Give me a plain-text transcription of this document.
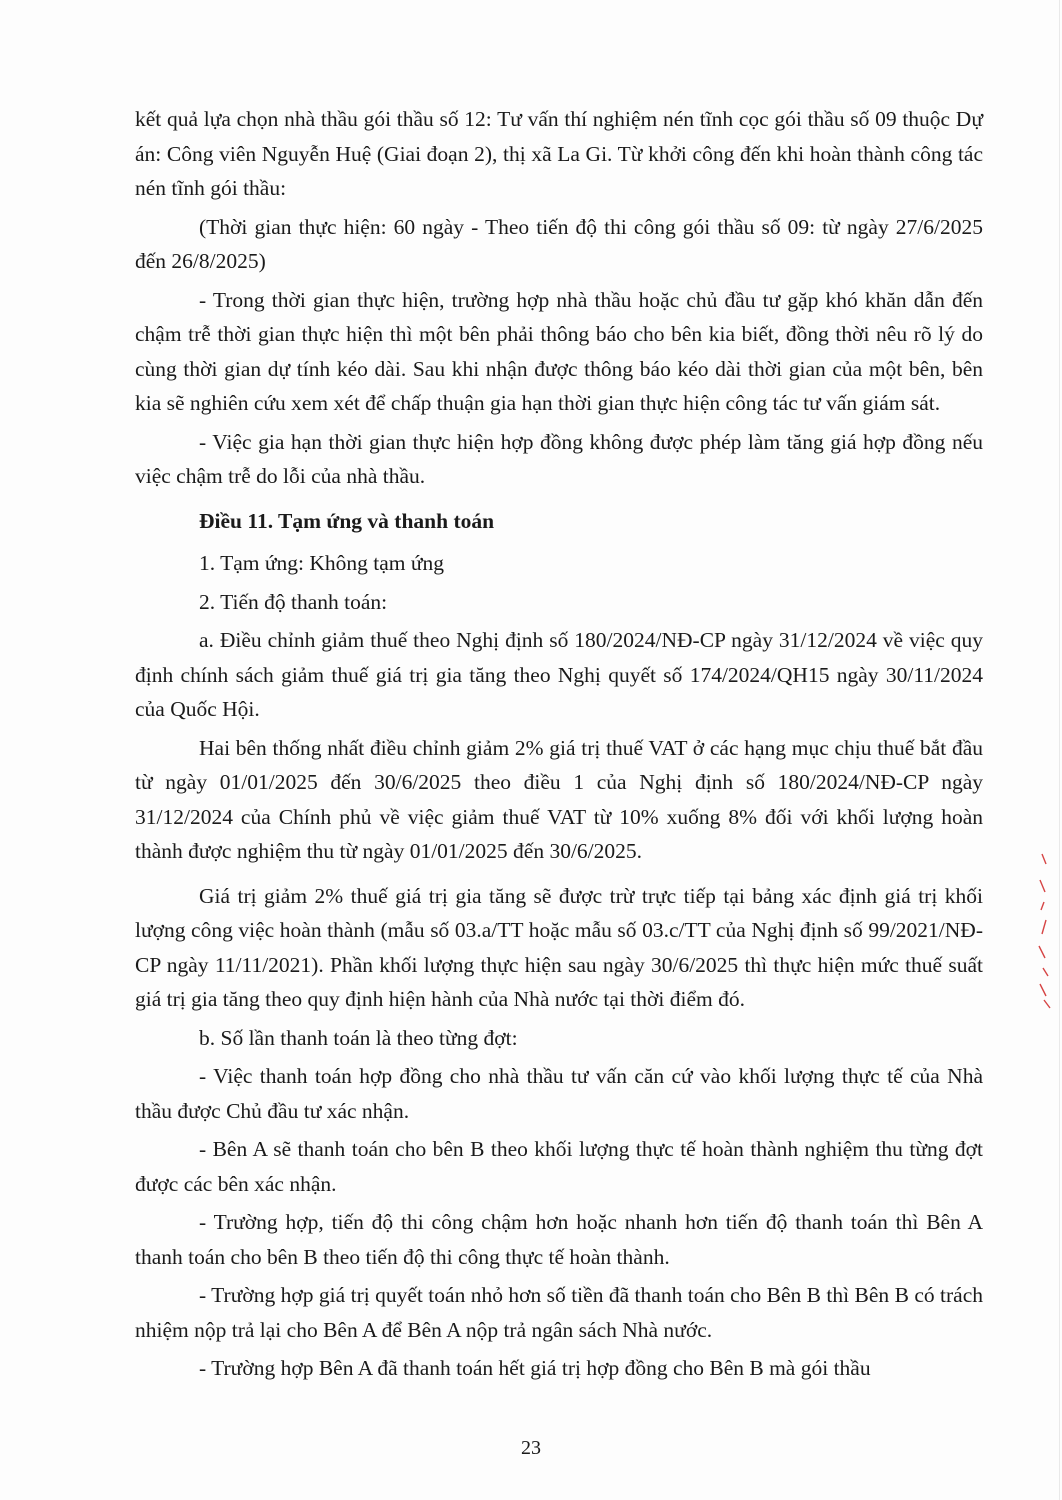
kết quả lựa chọn nhà thầu gói thầu số 12: Tư vấn thí nghiệm nén tĩnh cọc gói thầu số 09 thuộc Dự án: Công viên Nguyễn Huệ (Giai đoạn 2), thị xã La Gi. Từ khởi công đến khi hoàn thành công tác nén tĩnh gói thầu:

(Thời gian thực hiện: 60 ngày - Theo tiến độ thi công gói thầu số 09: từ ngày 27/6/2025 đến 26/8/2025)

- Trong thời gian thực hiện, trường hợp nhà thầu hoặc chủ đầu tư gặp khó khăn dẫn đến chậm trễ thời gian thực hiện thì một bên phải thông báo cho bên kia biết, đồng thời nêu rõ lý do cùng thời gian dự tính kéo dài. Sau khi nhận được thông báo kéo dài thời gian của một bên, bên kia sẽ nghiên cứu xem xét để chấp thuận gia hạn thời gian thực hiện công tác tư vấn giám sát.

- Việc gia hạn thời gian thực hiện hợp đồng không được phép làm tăng giá hợp đồng nếu việc chậm trễ do lỗi của nhà thầu.

Điều 11. Tạm ứng và thanh toán

1. Tạm ứng: Không tạm ứng

2. Tiến độ thanh toán:

a. Điều chỉnh giảm thuế theo Nghị định số 180/2024/NĐ-CP ngày 31/12/2024 về việc quy định chính sách giảm thuế giá trị gia tăng theo Nghị quyết số 174/2024/QH15 ngày 30/11/2024 của Quốc Hội.

Hai bên thống nhất điều chỉnh giảm 2% giá trị thuế VAT ở các hạng mục chịu thuế bắt đầu từ ngày 01/01/2025 đến 30/6/2025 theo điều 1 của Nghị định số 180/2024/NĐ-CP ngày 31/12/2024 của Chính phủ về việc giảm thuế VAT từ 10% xuống 8% đối với khối lượng hoàn thành được nghiệm thu từ ngày 01/01/2025 đến 30/6/2025.

Giá trị giảm 2% thuế giá trị gia tăng sẽ được trừ trực tiếp tại bảng xác định giá trị khối lượng công việc hoàn thành (mẫu số 03.a/TT hoặc mẫu số 03.c/TT của Nghị định số 99/2021/NĐ-CP ngày 11/11/2021). Phần khối lượng thực hiện sau ngày 30/6/2025 thì thực hiện mức thuế suất giá trị gia tăng theo quy định hiện hành của Nhà nước tại thời điểm đó.

b. Số lần thanh toán là theo từng đợt:

- Việc thanh toán hợp đồng cho nhà thầu tư vấn căn cứ vào khối lượng thực tế của Nhà thầu được Chủ đầu tư xác nhận.

- Bên A sẽ thanh toán cho bên B theo khối lượng thực tế hoàn thành nghiệm thu từng đợt được các bên xác nhận.

- Trường hợp, tiến độ thi công chậm hơn hoặc nhanh hơn tiến độ thanh toán thì Bên A thanh toán cho bên B theo tiến độ thi công thực tế hoàn thành.

- Trường hợp giá trị quyết toán nhỏ hơn số tiền đã thanh toán cho Bên B thì Bên B có trách nhiệm nộp trả lại cho Bên A để Bên A nộp trả ngân sách Nhà nước.

- Trường hợp Bên A đã thanh toán hết giá trị hợp đồng cho Bên B mà gói thầu

23
